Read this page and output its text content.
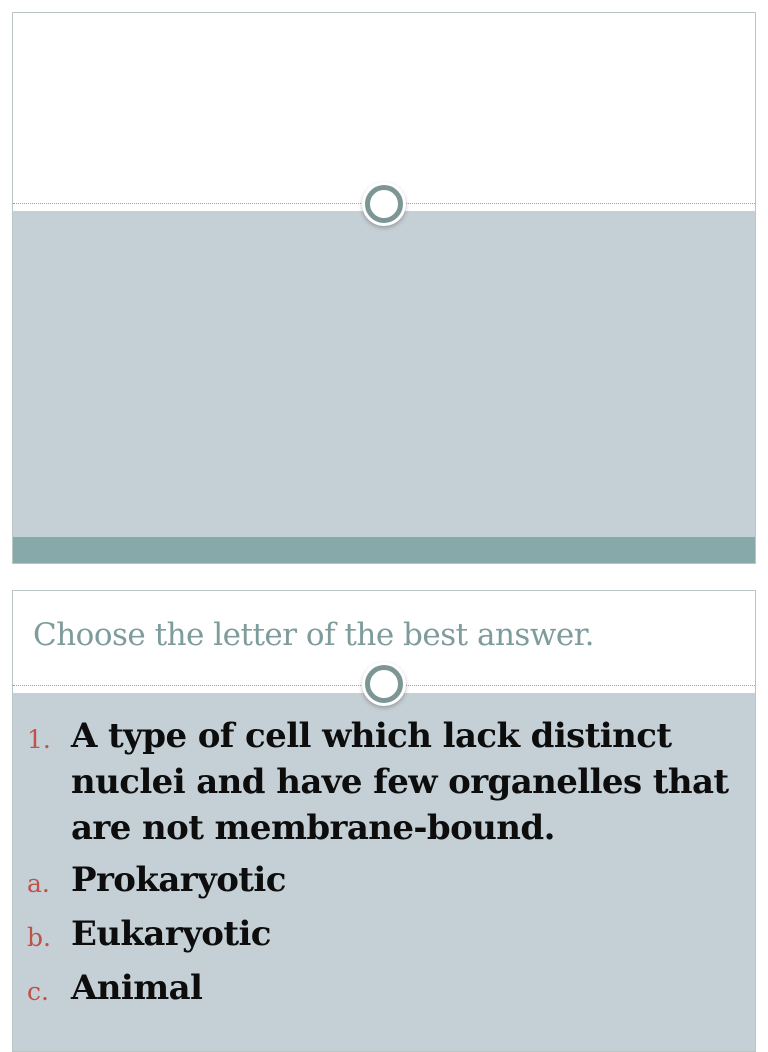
Choose the letter of the best answer.
1. A type of cell which lack distinct nuclei and have few organelles that are not membrane-bound.
a. Prokaryotic
b. Eukaryotic
c. Animal
